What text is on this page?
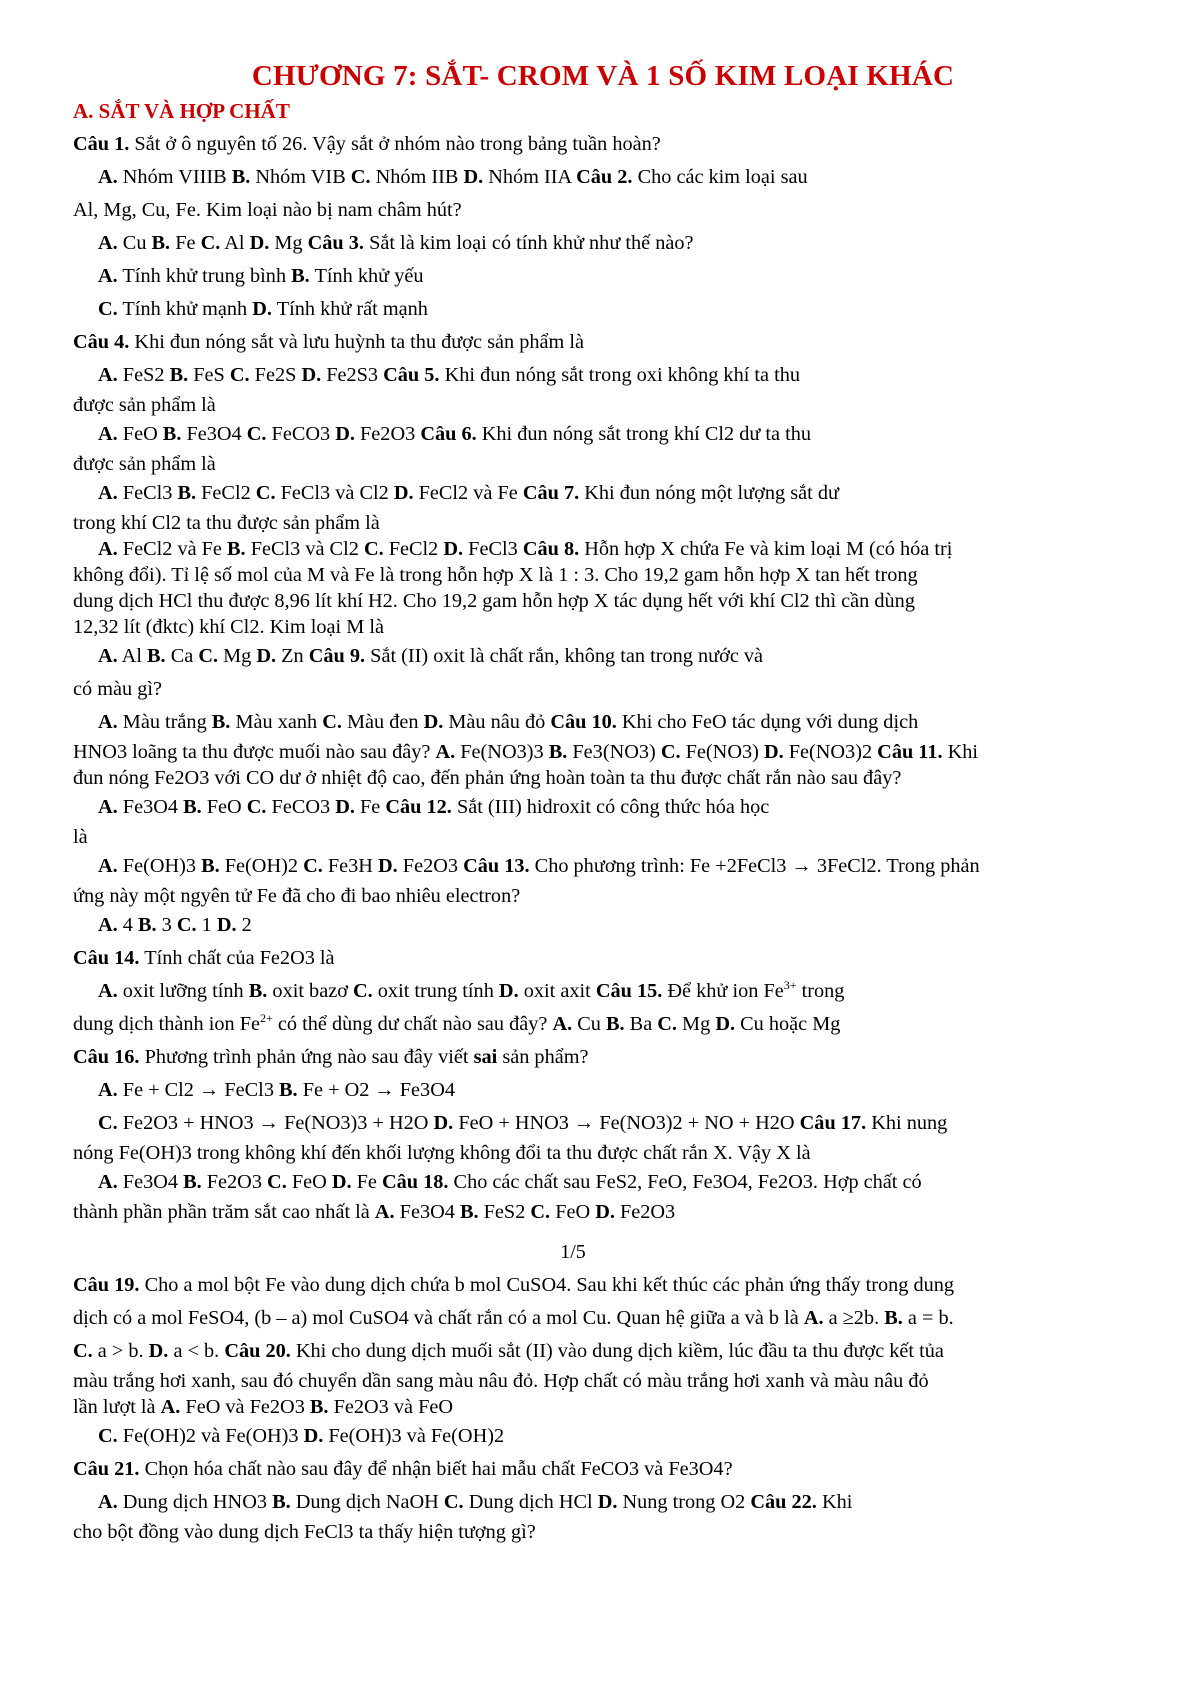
CHƯƠNG 7: SẮT- CROM VÀ 1 SỐ KIM LOẠI KHÁC
A. SẮT VÀ HỢP CHẤT
Câu 1. Sắt ở ô nguyên tố 26. Vậy sắt ở nhóm nào trong bảng tuần hoàn?
A. Nhóm VIIIB B. Nhóm VIB C. Nhóm IIB D. Nhóm IIA Câu 2. Cho các kim loại sau
Al, Mg, Cu, Fe. Kim loại nào bị nam châm hút?
A. Cu B. Fe C. Al D. Mg Câu 3. Sắt là kim loại có tính khử như thế nào?
A. Tính khử trung bình B. Tính khử yếu
C. Tính khử mạnh D. Tính khử rất mạnh
Câu 4. Khi đun nóng sắt và lưu huỳnh ta thu được sản phẩm là
A. FeS2 B. FeS C. Fe2S D. Fe2S3 Câu 5. Khi đun nóng sắt trong oxi không khí ta thu
được sản phẩm là
A. FeO B. Fe3O4 C. FeCO3 D. Fe2O3 Câu 6. Khi đun nóng sắt trong khí Cl2 dư ta thu
được sản phẩm là
A. FeCl3 B. FeCl2 C. FeCl3 và Cl2 D. FeCl2 và Fe Câu 7. Khi đun nóng một lượng sắt dư
trong khí Cl2 ta thu được sản phẩm là
A. FeCl2 và Fe B. FeCl3 và Cl2 C. FeCl2 D. FeCl3 Câu 8. Hỗn hợp X chứa Fe và kim loại M (có hóa trị
không đổi). Tỉ lệ số mol của M và Fe là trong hỗn hợp X là 1 : 3. Cho 19,2 gam hỗn hợp X tan hết trong
dung dịch HCl thu được 8,96 lít khí H2. Cho 19,2 gam hỗn hợp X tác dụng hết với khí Cl2 thì cần dùng
12,32 lít (đktc) khí Cl2. Kim loại M là
A. Al B. Ca C. Mg D. Zn Câu 9. Sắt (II) oxit là chất rắn, không tan trong nước và
có màu gì?
A. Màu trắng B. Màu xanh C. Màu đen D. Màu nâu đỏ Câu 10. Khi cho FeO tác dụng với dung dịch
HNO3 loãng ta thu được muối nào sau đây? A. Fe(NO3)3 B. Fe3(NO3) C. Fe(NO3) D. Fe(NO3)2 Câu 11. Khi
đun nóng Fe2O3 với CO dư ở nhiệt độ cao, đến phản ứng hoàn toàn ta thu được chất rắn nào sau đây?
A. Fe3O4 B. FeO C. FeCO3 D. Fe Câu 12. Sắt (III) hidroxit có công thức hóa học
là
A. Fe(OH)3 B. Fe(OH)2 C. Fe3H D. Fe2O3 Câu 13. Cho phương trình: Fe +2FeCl3 → 3FeCl2. Trong phản
ứng này một ngyên tử Fe đã cho đi bao nhiêu electron?
A. 4 B. 3 C. 1 D. 2
Câu 14. Tính chất của Fe2O3 là
A. oxit lưỡng tính B. oxit bazơ C. oxit trung tính D. oxit axit Câu 15. Để khử ion $Fe^{3+}$ trong
dung dịch thành ion $Fe^{2+}$ có thể dùng dư chất nào sau đây? A. Cu B. Ba C. Mg D. Cu hoặc Mg
Câu 16. Phương trình phản ứng nào sau đây viết sai sản phẩm?
A. Fe + Cl2 → FeCl3 B. Fe + O2 → Fe3O4
C. Fe2O3 + HNO3 → Fe(NO3)3 + H2O D. FeO + HNO3 → Fe(NO3)2 + NO + H2O Câu 17. Khi nung
nóng Fe(OH)3 trong không khí đến khối lượng không đổi ta thu được chất rắn X. Vậy X là
A. Fe3O4 B. Fe2O3 C. FeO D. Fe Câu 18. Cho các chất sau FeS2, FeO, Fe3O4, Fe2O3. Hợp chất có
thành phần phần trăm sắt cao nhất là A. Fe3O4 B. FeS2 C. FeO D. Fe2O3
1/5
Câu 19. Cho a mol bột Fe vào dung dịch chứa b mol CuSO4. Sau khi kết thúc các phản ứng thấy trong dung
dịch có a mol FeSO4, (b – a) mol CuSO4 và chất rắn có a mol Cu. Quan hệ giữa a và b là A. a ≥2b. B. a = b.
C. a > b. D. a < b. Câu 20. Khi cho dung dịch muối sắt (II) vào dung dịch kiềm, lúc đầu ta thu được kết tủa
màu trắng hơi xanh, sau đó chuyển dần sang màu nâu đỏ. Hợp chất có màu trắng hơi xanh và màu nâu đỏ
lần lượt là A. FeO và Fe2O3 B. Fe2O3 và FeO
C. Fe(OH)2 và Fe(OH)3 D. Fe(OH)3 và Fe(OH)2
Câu 21. Chọn hóa chất nào sau đây để nhận biết hai mẫu chất FeCO3 và Fe3O4?
A. Dung dịch HNO3 B. Dung dịch NaOH C. Dung dịch HCl D. Nung trong O2 Câu 22. Khi
cho bột đồng vào dung dịch FeCl3 ta thấy hiện tượng gì?
